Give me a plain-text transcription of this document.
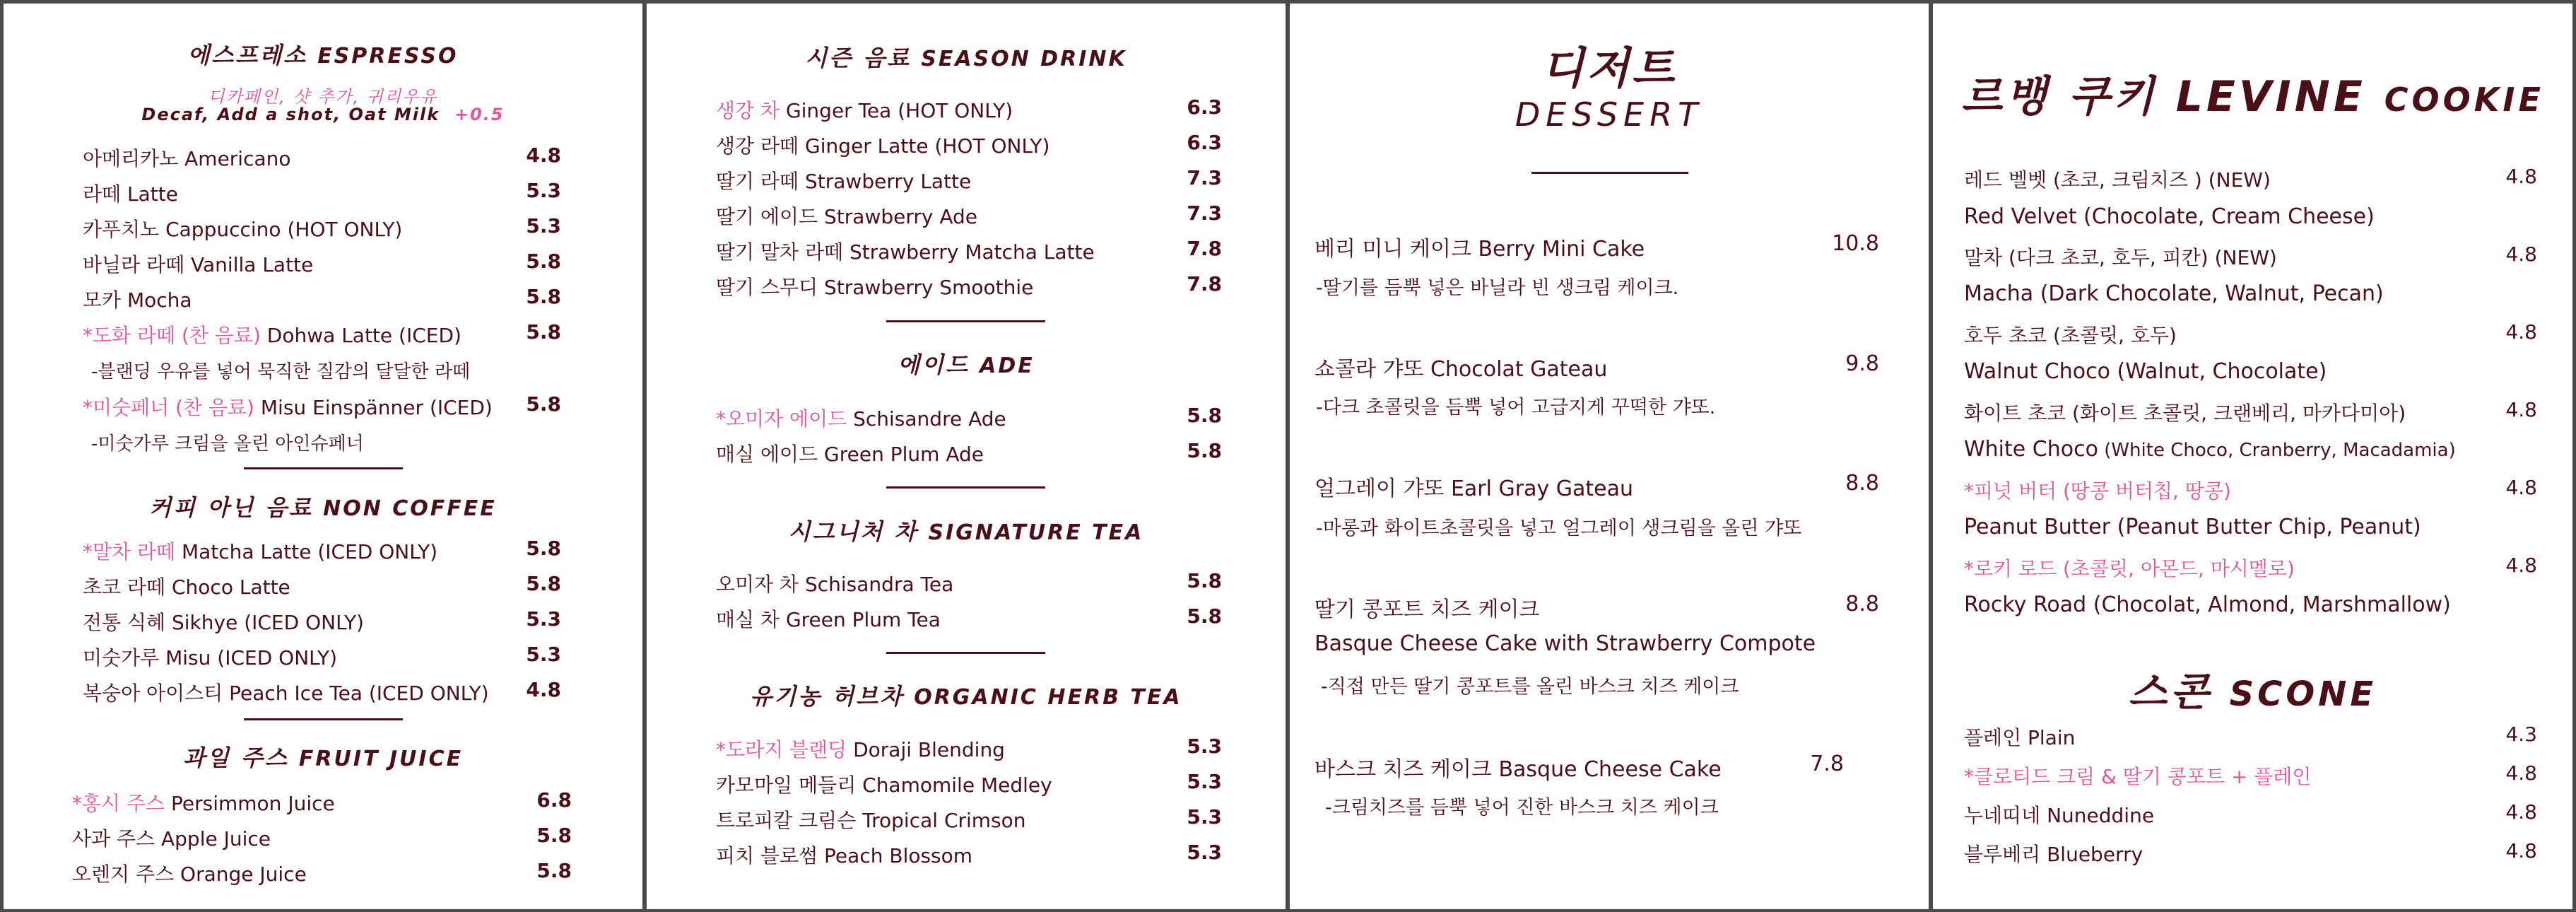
에스프레소 ESPRESSO
디카페인, 샷 추가, 귀리우유
Decaf, Add a shot, Oat Milk +0.5
아메리카노 Americano	4.8
라떼 Latte	5.3
카푸치노 Cappuccino (HOT ONLY)	5.3
바닐라 라떼 Vanilla Latte	5.8
모카 Mocha	5.8
*도화 라떼 (찬 음료) Dohwa Latte (ICED)	5.8
-블랜딩 우유를 넣어 묵직한 질감의 달달한 라떼
*미숫페너 (찬 음료) Misu Einspänner (ICED) 5.8
-미숫가루 크림을 올린 아인슈페너
커피 아닌 음료 NON COFFEE
*말차 라떼 Matcha Latte (ICED ONLY)	5.8
초코 라떼 Choco Latte	5.8
전통 식혜 Sikhye (ICED ONLY)	5.3
미숫가루 Misu (ICED ONLY)	5.3
복숭아 아이스티 Peach Ice Tea (ICED ONLY) 4.8
과일 주스 FRUIT JUICE
*홍시 주스 Persimmon Juice	6.8
사과 주스 Apple Juice	5.8
오렌지 주스 Orange Juice	5.8
시즌 음료 SEASON DRINK
생강 차 Ginger Tea (HOT ONLY)	6.3
생강 라떼 Ginger Latte (HOT ONLY)	6.3
딸기 라떼 Strawberry Latte	7.3
딸기 에이드 Strawberry Ade	7.3
딸기 말차 라떼 Strawberry Matcha Latte	7.8
딸기 스무디 Strawberry Smoothie	7.8
에이드 ADE
*오미자 에이드 Schisandre Ade	5.8
매실 에이드 Green Plum Ade	5.8
시그니처 차 SIGNATURE TEA
오미자 차 Schisandra Tea	5.8
매실 차 Green Plum Tea	5.8
유기농 허브차 ORGANIC HERB TEA
*도라지 블랜딩 Doraji Blending	5.3
카모마일 메들리 Chamomile Medley	5.3
트로피칼 크림슨 Tropical Crimson	5.3
피치 블로썸 Peach Blossom	5.3
디저트
DESSERT
베리 미니 케이크 Berry Mini Cake	10.8
-딸기를 듬뿍 넣은 바닐라 빈 생크림 케이크.
쇼콜라 갸또 Chocolat Gateau	9.8
-다크 초콜릿을 듬뿍 넣어 고급지게 꾸떡한 갸또.
얼그레이 갸또 Earl Gray Gateau	8.8
-마롱과 화이트초콜릿을 넣고 얼그레이 생크림을 올린 갸또
딸기 콩포트 치즈 케이크	8.8
Basque Cheese Cake with Strawberry Compote
-직접 만든 딸기 콩포트를 올린 바스크 치즈 케이크
바스크 치즈 케이크 Basque Cheese Cake	7.8
-크림치즈를 듬뿍 넣어 진한 바스크 치즈 케이크
르뱅 쿠키 LEVINE COOKIE
레드 벨벳 (초코, 크림치즈 ) (NEW)	4.8
Red Velvet (Chocolate, Cream Cheese)
말차 (다크 초코, 호두, 피칸) (NEW)	4.8
Macha (Dark Chocolate, Walnut, Pecan)
호두 초코 (초콜릿, 호두)	4.8
Walnut Choco (Walnut, Chocolate)
화이트 초코 (화이트 초콜릿, 크랜베리, 마카다미아)	4.8
White Choco (White Choco, Cranberry, Macadamia)
*피넛 버터 (땅콩 버터칩, 땅콩)	4.8
Peanut Butter (Peanut Butter Chip, Peanut)
*로키 로드 (초콜릿, 아몬드, 마시멜로)	4.8
Rocky Road (Chocolat, Almond, Marshmallow)
스콘 SCONE
플레인 Plain	4.3
*클로티드 크림 & 딸기 콩포트 + 플레인	4.8
누네띠네 Nuneddine	4.8
블루베리 Blueberry	4.8
